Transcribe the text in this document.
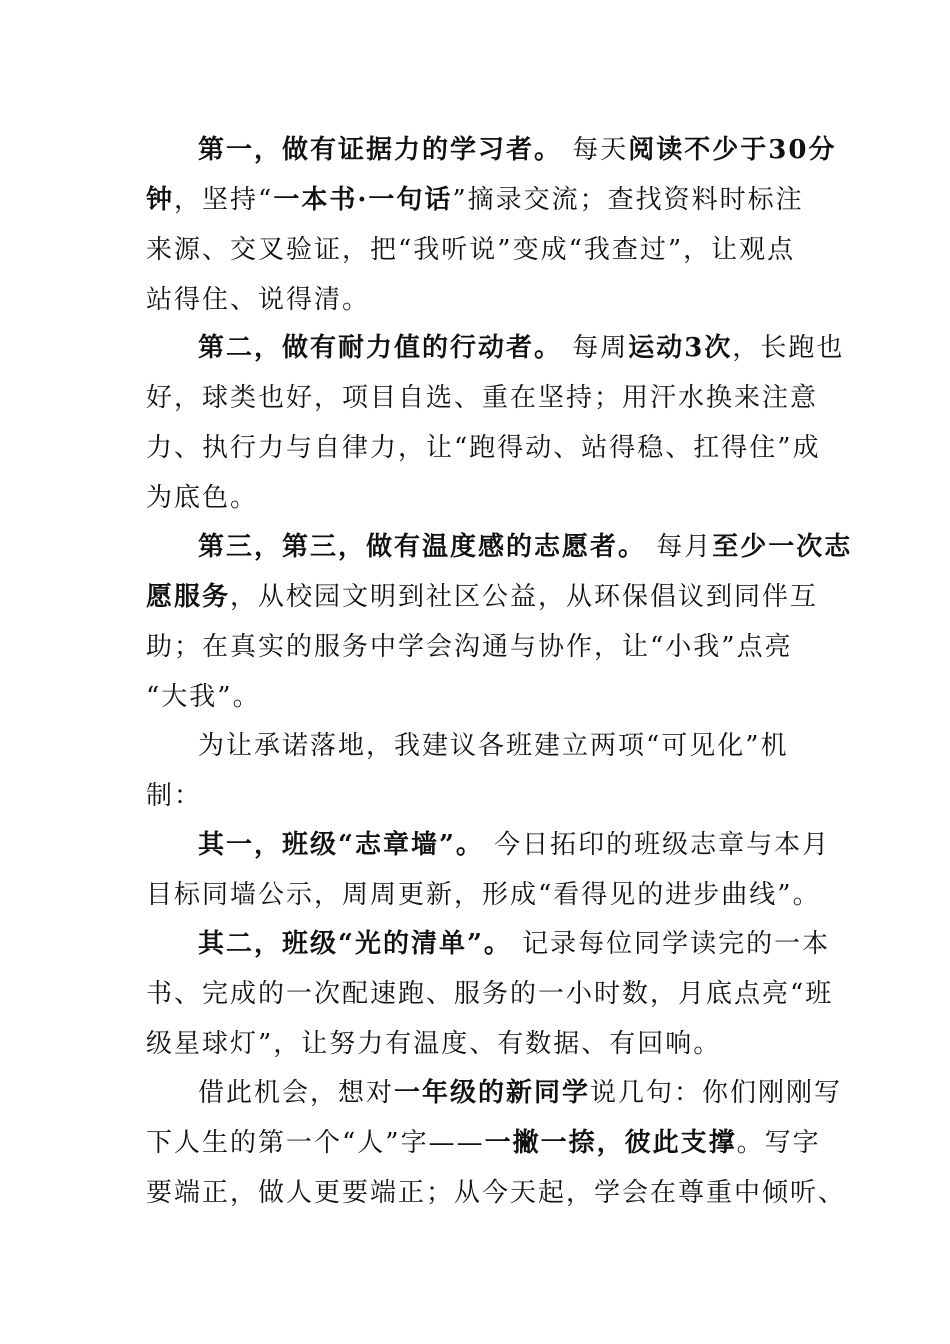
第一，做有证据力的学习者。 每天阅读不少于30分
钟，坚持“一本书·一句话”摘录交流；查找资料时标注
来源、交叉验证，把“我听说”变成“我查过”，让观点
站得住、说得清。
第二，做有耐力值的行动者。 每周运动3次，长跑也
好，球类也好，项目自选、重在坚持；用汗水换来注意
力、执行力与自律力，让“跑得动、站得稳、扛得住”成
为底色。
第三，第三，做有温度感的志愿者。 每月至少一次志
愿服务，从校园文明到社区公益，从环保倡议到同伴互
助；在真实的服务中学会沟通与协作，让“小我”点亮
“大我”。
为让承诺落地，我建议各班建立两项“可见化”机
制：
其一，班级“志章墙”。 今日拓印的班级志章与本月
目标同墙公示，周周更新，形成“看得见的进步曲线”。
其二，班级“光的清单”。 记录每位同学读完的一本
书、完成的一次配速跑、服务的一小时数，月底点亮“班
级星球灯”，让努力有温度、有数据、有回响。
借此机会，想对一年级的新同学说几句：你们刚刚写
下人生的第一个“人”字——一撇一捺，彼此支撑。写字
要端正，做人更要端正；从今天起，学会在尊重中倾听、
